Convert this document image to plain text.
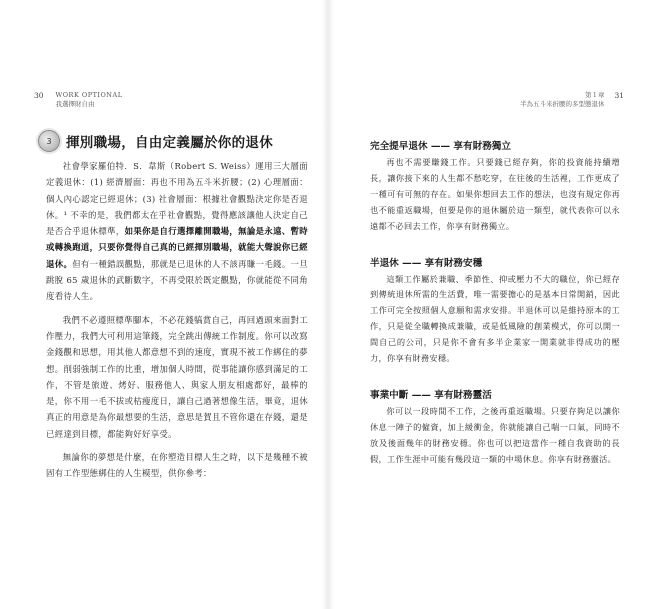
30 WORK OPTIONAL
我選擇財自由
第１章
半為五斗米折腰的多型態退休
31
3	揮別職場，自由定義屬於你的退休

社會學家羅伯特．S．韋斯（Robert S. Weiss）運用三大層面定義退休：(1) 經濟層面：再也不用為五斗米折腰；(2) 心理層面：個人內心認定已經退休；(3) 社會層面：根據社會觀點決定你是否退休。¹ 不幸的是，我們都太在乎社會觀點，覺得應該讓他人決定自己是否合乎退休標準，如果你是自行選擇離開職場，無論是永遠、暫時或轉換跑道，只要你覺得自己真的已經揮別職場，就能大聲說你已經退休。但有一種錯誤觀點，那就是已退休的人不該再賺一毛錢。一旦跳脫 65 歲退休的武斷數字，不再受限於既定觀點，你就能從不同角度看待人生。

我們不必遵照標準腳本，不必花錢犒賞自己，再回過頭來面對工作壓力，我們大可利用這筆錢，完全跳出傳統工作制度。你可以改寫金錢觀和思想，用其他人都意想不到的速度，實現不被工作綁住的夢想。削弱強制工作的比重，增加個人時間，從事能讓你感到滿足的工作，不管是旅遊、烤好、服務他人、與家人朋友相處都好，最棒的是，你不用一毛不拔或枯瘦度日，讓自己過著想像生活，畢竟，退休真正的用意是為你最想要的生活，意思是賀且不管你還在存錢，還是已經達到目標，都能夠好好享受。

無論你的夢想是什麼，在你塑造目標人生之時，以下是幾種不被固有工作型態綁住的人生模型，供你參考：

完全提早退休 —— 享有財務獨立

再也不需要賺錢工作。只要錢已經存夠，你的投資能持續增長，讓你接下來的人生都不愁吃穿，在往後的生活裡，工作更成了一種可有可無的存在。如果你想回去工作的想法，也沒有規定你再也不能重返職場，但要是你的退休屬於這一類型，就代表你可以永遠都不必回去工作，你享有財務獨立。

半退休 —— 享有財務安穩

這類工作屬於兼職、季節性、抑或壓力不大的職位，你已經存到傳統退休所需的生活費，唯一需要擔心的是基本日常開銷，因此工作可完全按照個人意願和需求安排。半退休可以是維持原本的工作，只是從全職轉換成兼職，或是低風險的創業模式，你可以開一間自己的公司，只是你不會有多半企業家一開業就非得成功的壓力，你享有財務安穩。

事業中斷 —— 享有財務靈活

你可以一段時間不工作，之後再重返職場。只要存夠足以讓你休息一陣子的僱資，加上緩衝金，你就能讓自己喘一口氣，同時不放及後面幾年的財務安穩。你也可以把這當作一種自我資助的長假，工作生涯中可能有幾段這一類的中場休息。你享有財務靈活。
